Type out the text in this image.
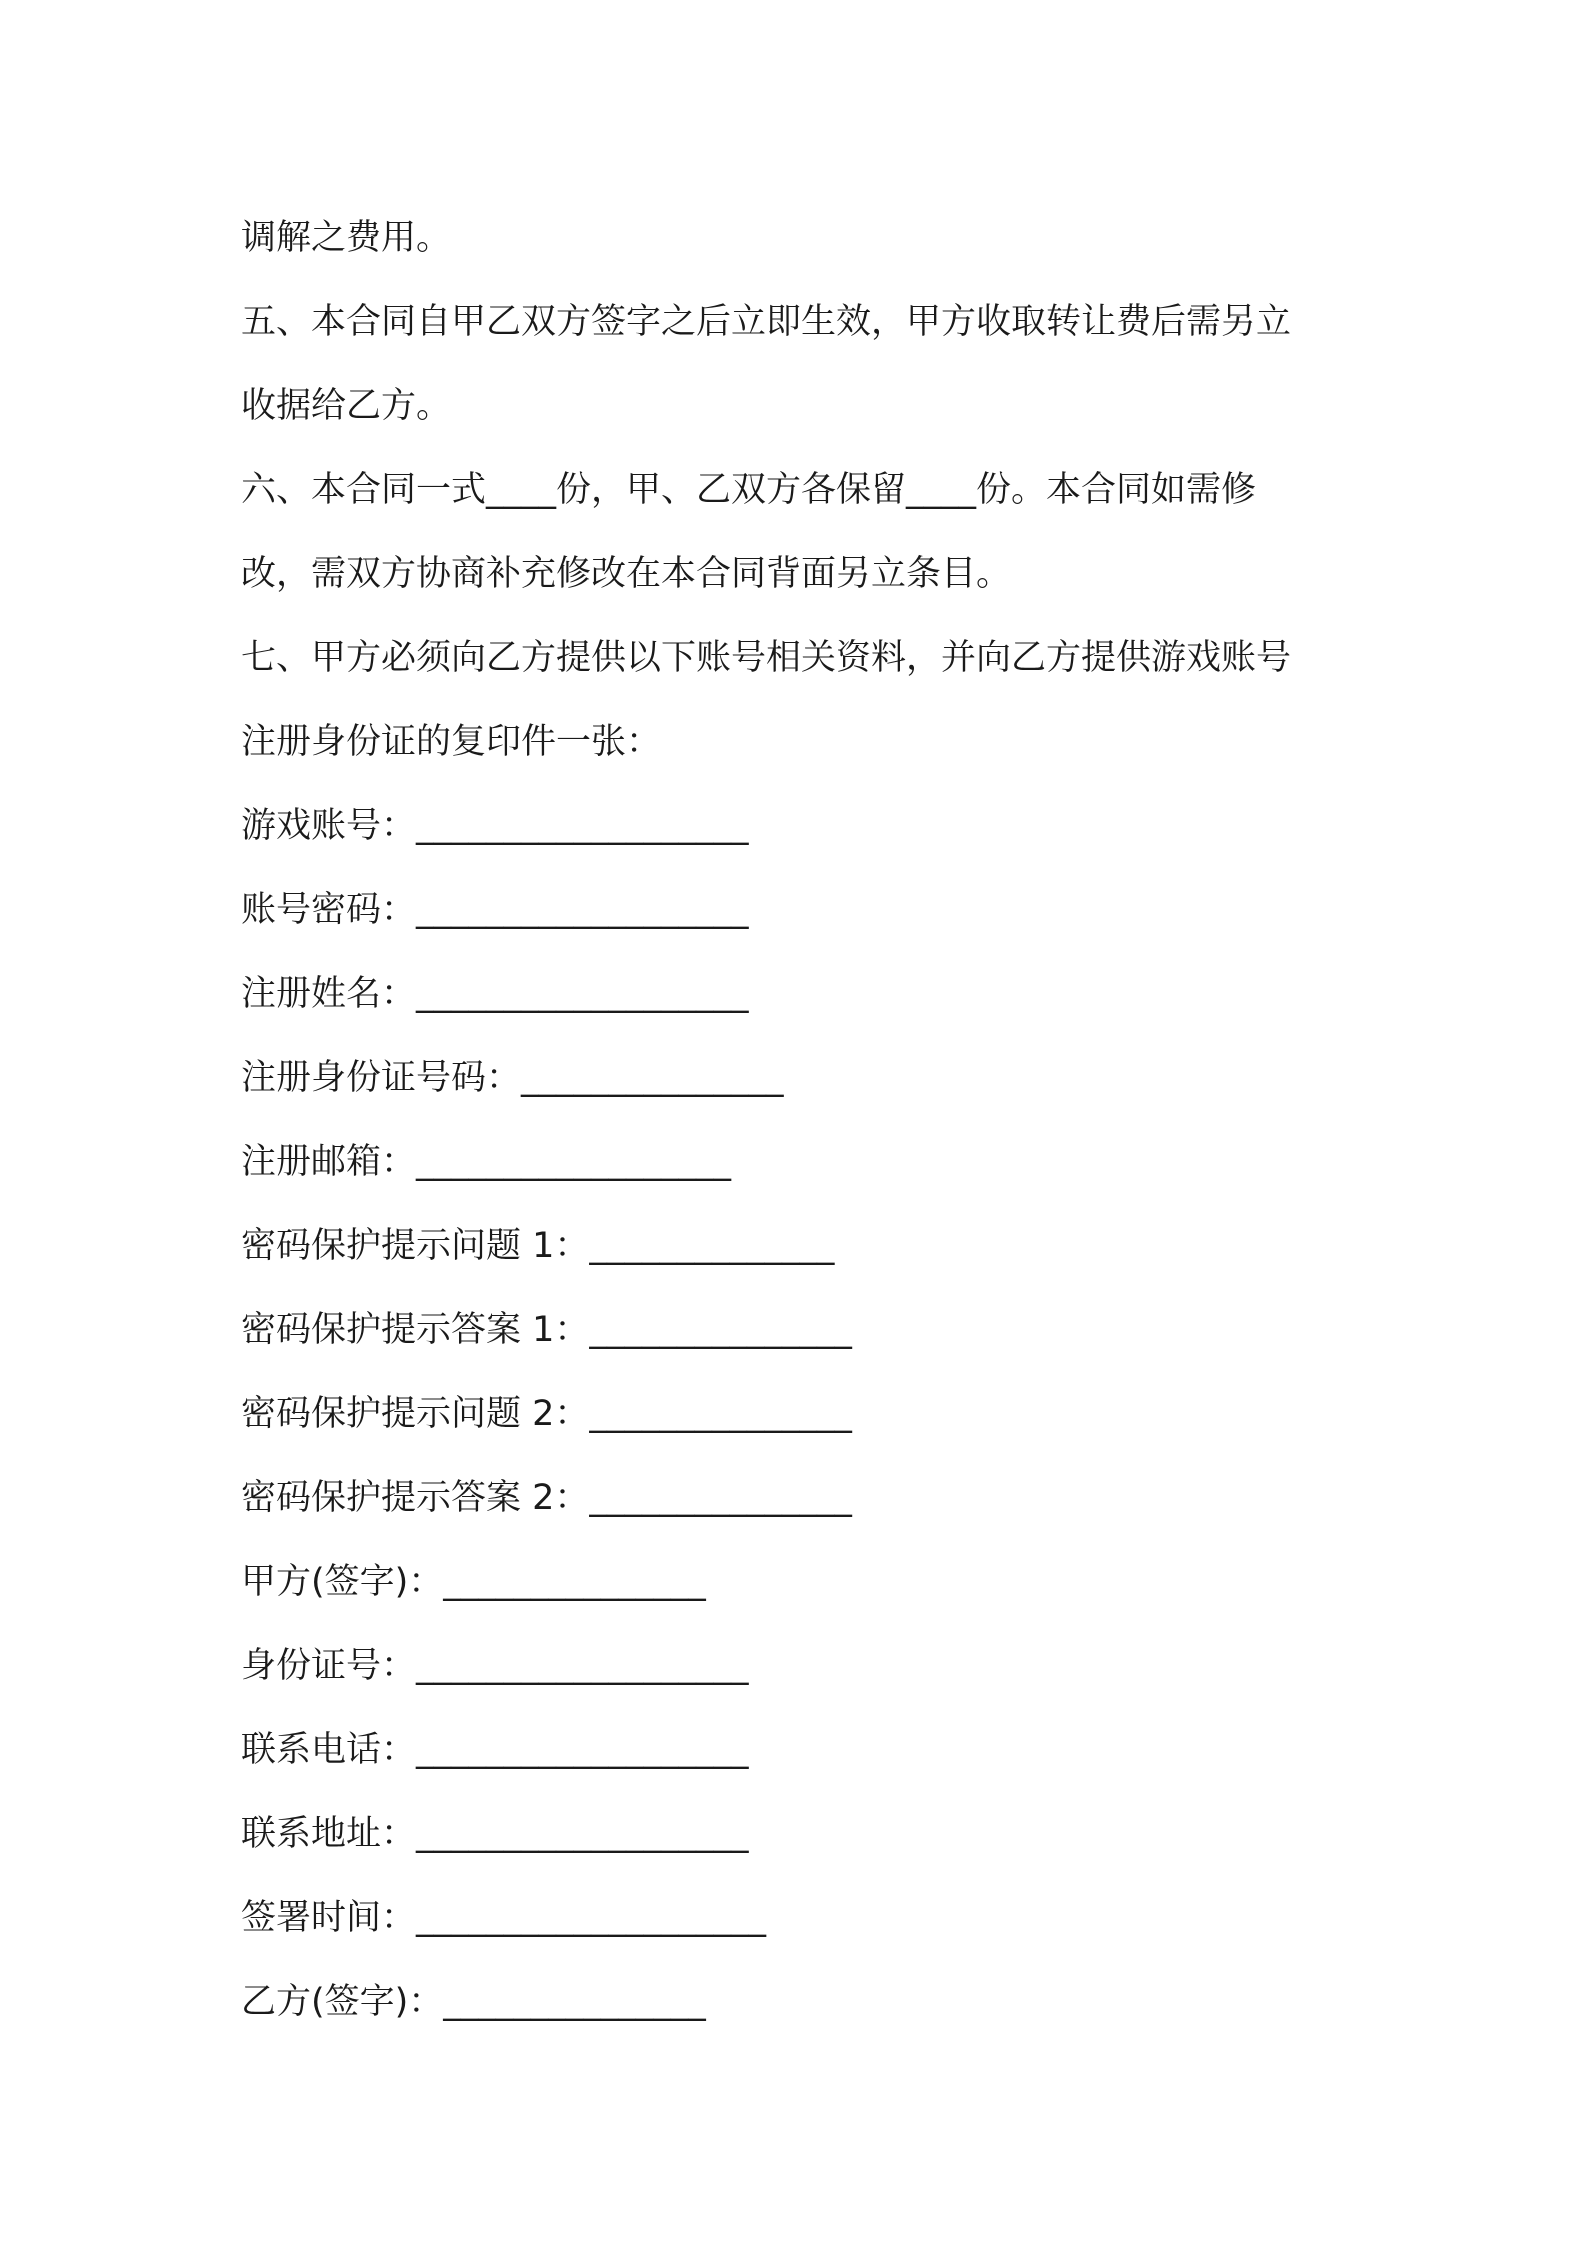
调解之费用。
五、本合同自甲乙双方签字之后立即生效，甲方收取转让费后需另立
收据给乙方。
六、本合同一式____份，甲、乙双方各保留____份。本合同如需修
改，需双方协商补充修改在本合同背面另立条目。
七、甲方必须向乙方提供以下账号相关资料，并向乙方提供游戏账号
注册身份证的复印件一张：
游戏账号：___________________
账号密码：___________________
注册姓名：___________________
注册身份证号码：_______________
注册邮箱：__________________
密码保护提示问题 1：______________
密码保护提示答案 1：_______________
密码保护提示问题 2：_______________
密码保护提示答案 2：_______________
甲方(签字)：_______________
身份证号：___________________
联系电话：___________________
联系地址：___________________
签署时间：____________________
乙方(签字)：_______________
